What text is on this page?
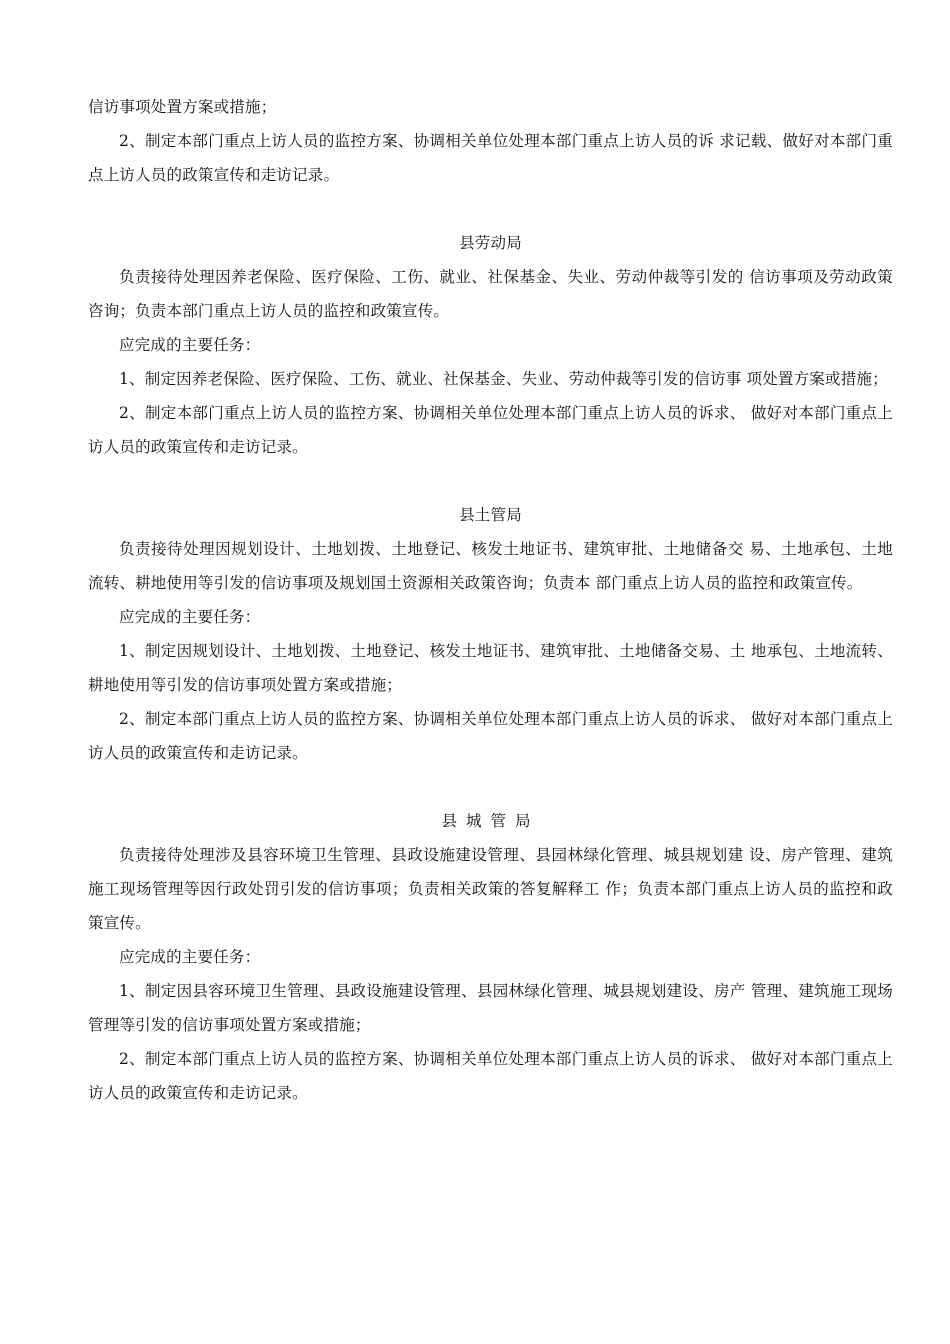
信访事项处置方案或措施；

2、制定本部门重点上访人员的监控方案、协调相关单位处理本部门重点上访人员的诉 求记载、做好对本部门重点上访人员的政策宣传和走访记录。

县劳动局

负责接待处理因养老保险、医疗保险、工伤、就业、社保基金、失业、劳动仲裁等引发的 信访事项及劳动政策咨询；负责本部门重点上访人员的监控和政策宣传。

应完成的主要任务：

1、制定因养老保险、医疗保险、工伤、就业、社保基金、失业、劳动仲裁等引发的信访事 项处置方案或措施；

2、制定本部门重点上访人员的监控方案、协调相关单位处理本部门重点上访人员的诉求、 做好对本部门重点上访人员的政策宣传和走访记录。

县土管局

负责接待处理因规划设计、土地划拨、土地登记、核发土地证书、建筑审批、土地储备交 易、土地承包、土地流转、耕地使用等引发的信访事项及规划国土资源相关政策咨询；负责本 部门重点上访人员的监控和政策宣传。

应完成的主要任务：

1、制定因规划设计、土地划拨、土地登记、核发土地证书、建筑审批、土地储备交易、土 地承包、土地流转、耕地使用等引发的信访事项处置方案或措施；

2、制定本部门重点上访人员的监控方案、协调相关单位处理本部门重点上访人员的诉求、 做好对本部门重点上访人员的政策宣传和走访记录。

县城管局

负责接待处理涉及县容环境卫生管理、县政设施建设管理、县园林绿化管理、城县规划建 设、房产管理、建筑施工现场管理等因行政处罚引发的信访事项；负责相关政策的答复解释工 作；负责本部门重点上访人员的监控和政策宣传。

应完成的主要任务：

1、制定因县容环境卫生管理、县政设施建设管理、县园林绿化管理、城县规划建设、房产 管理、建筑施工现场管理等引发的信访事项处置方案或措施；

2、制定本部门重点上访人员的监控方案、协调相关单位处理本部门重点上访人员的诉求、 做好对本部门重点上访人员的政策宣传和走访记录。
